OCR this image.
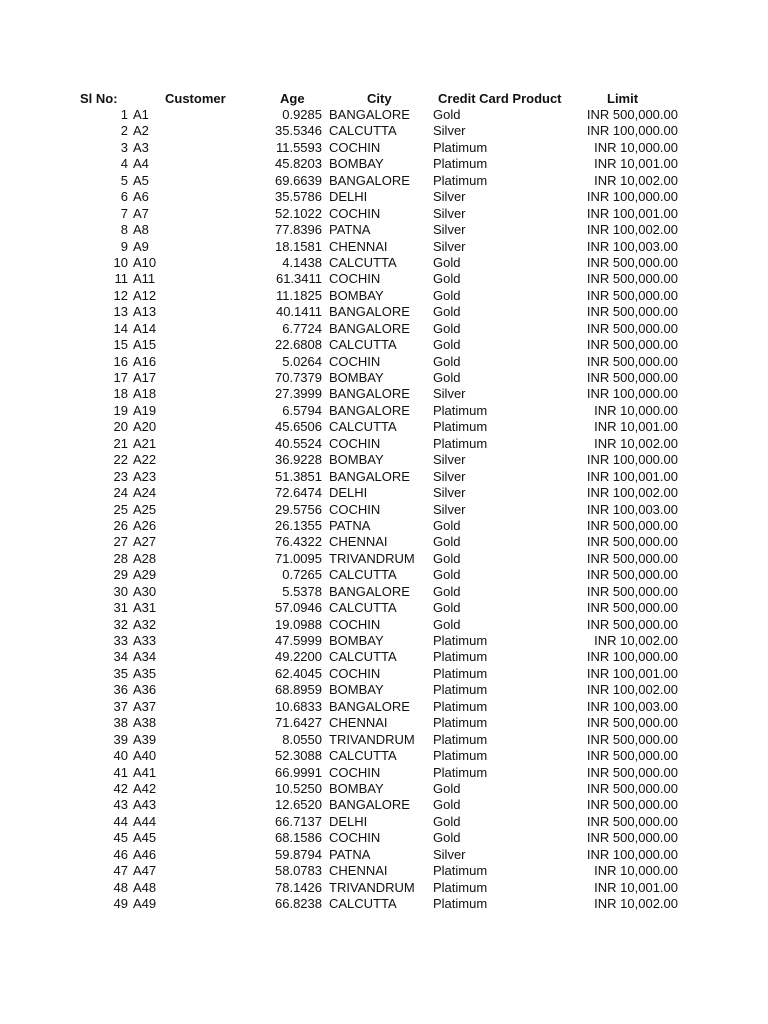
Sl No:	Customer	Age	City	Credit Card Product	Limit
1 A1	0.9285 BANGALORE Gold	INR 500,000.00
2 A2	35.5346 CALCUTTA	Silver	INR 100,000.00
3 A3	11.5593 COCHIN	Platimum	INR 10,000.00
4 A4	45.8203 BOMBAY	Platimum	INR 10,001.00
5 A5	69.6639 BANGALORE Platimum	INR 10,002.00
6 A6	35.5786 DELHI	Silver	INR 100,000.00
7 A7	52.1022 COCHIN	Silver	INR 100,001.00
8 A8	77.8396 PATNA	Silver	INR 100,002.00
9 A9	18.1581 CHENNAI	Silver	INR 100,003.00
10 A10	4.1438 CALCUTTA	Gold	INR 500,000.00
11 A11	61.3411 COCHIN	Gold	INR 500,000.00
12 A12	11.1825 BOMBAY	Gold	INR 500,000.00
13 A13	40.1411 BANGALORE Gold	INR 500,000.00
14 A14	6.7724 BANGALORE Gold	INR 500,000.00
15 A15	22.6808 CALCUTTA	Gold	INR 500,000.00
16 A16	5.0264 COCHIN	Gold	INR 500,000.00
17 A17	70.7379 BOMBAY	Gold	INR 500,000.00
18 A18	27.3999 BANGALORE Silver	INR 100,000.00
19 A19	6.5794 BANGALORE Platimum	INR 10,000.00
20 A20	45.6506 CALCUTTA	Platimum	INR 10,001.00
21 A21	40.5524 COCHIN	Platimum	INR 10,002.00
22 A22	36.9228 BOMBAY	Silver	INR 100,000.00
23 A23	51.3851 BANGALORE Silver	INR 100,001.00
24 A24	72.6474 DELHI	Silver	INR 100,002.00
25 A25	29.5756 COCHIN	Silver	INR 100,003.00
26 A26	26.1355 PATNA	Gold	INR 500,000.00
27 A27	76.4322 CHENNAI	Gold	INR 500,000.00
28 A28	71.0095 TRIVANDRUM Gold	INR 500,000.00
29 A29	0.7265 CALCUTTA	Gold	INR 500,000.00
30 A30	5.5378 BANGALORE Gold	INR 500,000.00
31 A31	57.0946 CALCUTTA	Gold	INR 500,000.00
32 A32	19.0988 COCHIN	Gold	INR 500,000.00
33 A33	47.5999 BOMBAY	Platimum	INR 10,002.00
34 A34	49.2200 CALCUTTA	Platimum	INR 100,000.00
35 A35	62.4045 COCHIN	Platimum	INR 100,001.00
36 A36	68.8959 BOMBAY	Platimum	INR 100,002.00
37 A37	10.6833 BANGALORE Platimum	INR 100,003.00
38 A38	71.6427 CHENNAI	Platimum	INR 500,000.00
39 A39	8.0550 TRIVANDRUM Platimum	INR 500,000.00
40 A40	52.3088 CALCUTTA	Platimum	INR 500,000.00
41 A41	66.9991 COCHIN	Platimum	INR 500,000.00
42 A42	10.5250 BOMBAY	Gold	INR 500,000.00
43 A43	12.6520 BANGALORE Gold	INR 500,000.00
44 A44	66.7137 DELHI	Gold	INR 500,000.00
45 A45	68.1586 COCHIN	Gold	INR 500,000.00
46 A46	59.8794 PATNA	Silver	INR 100,000.00
47 A47	58.0783 CHENNAI	Platimum	INR 10,000.00
48 A48	78.1426 TRIVANDRUM Platimum	INR 10,001.00
49 A49	66.8238 CALCUTTA	Platimum	INR 10,002.00
